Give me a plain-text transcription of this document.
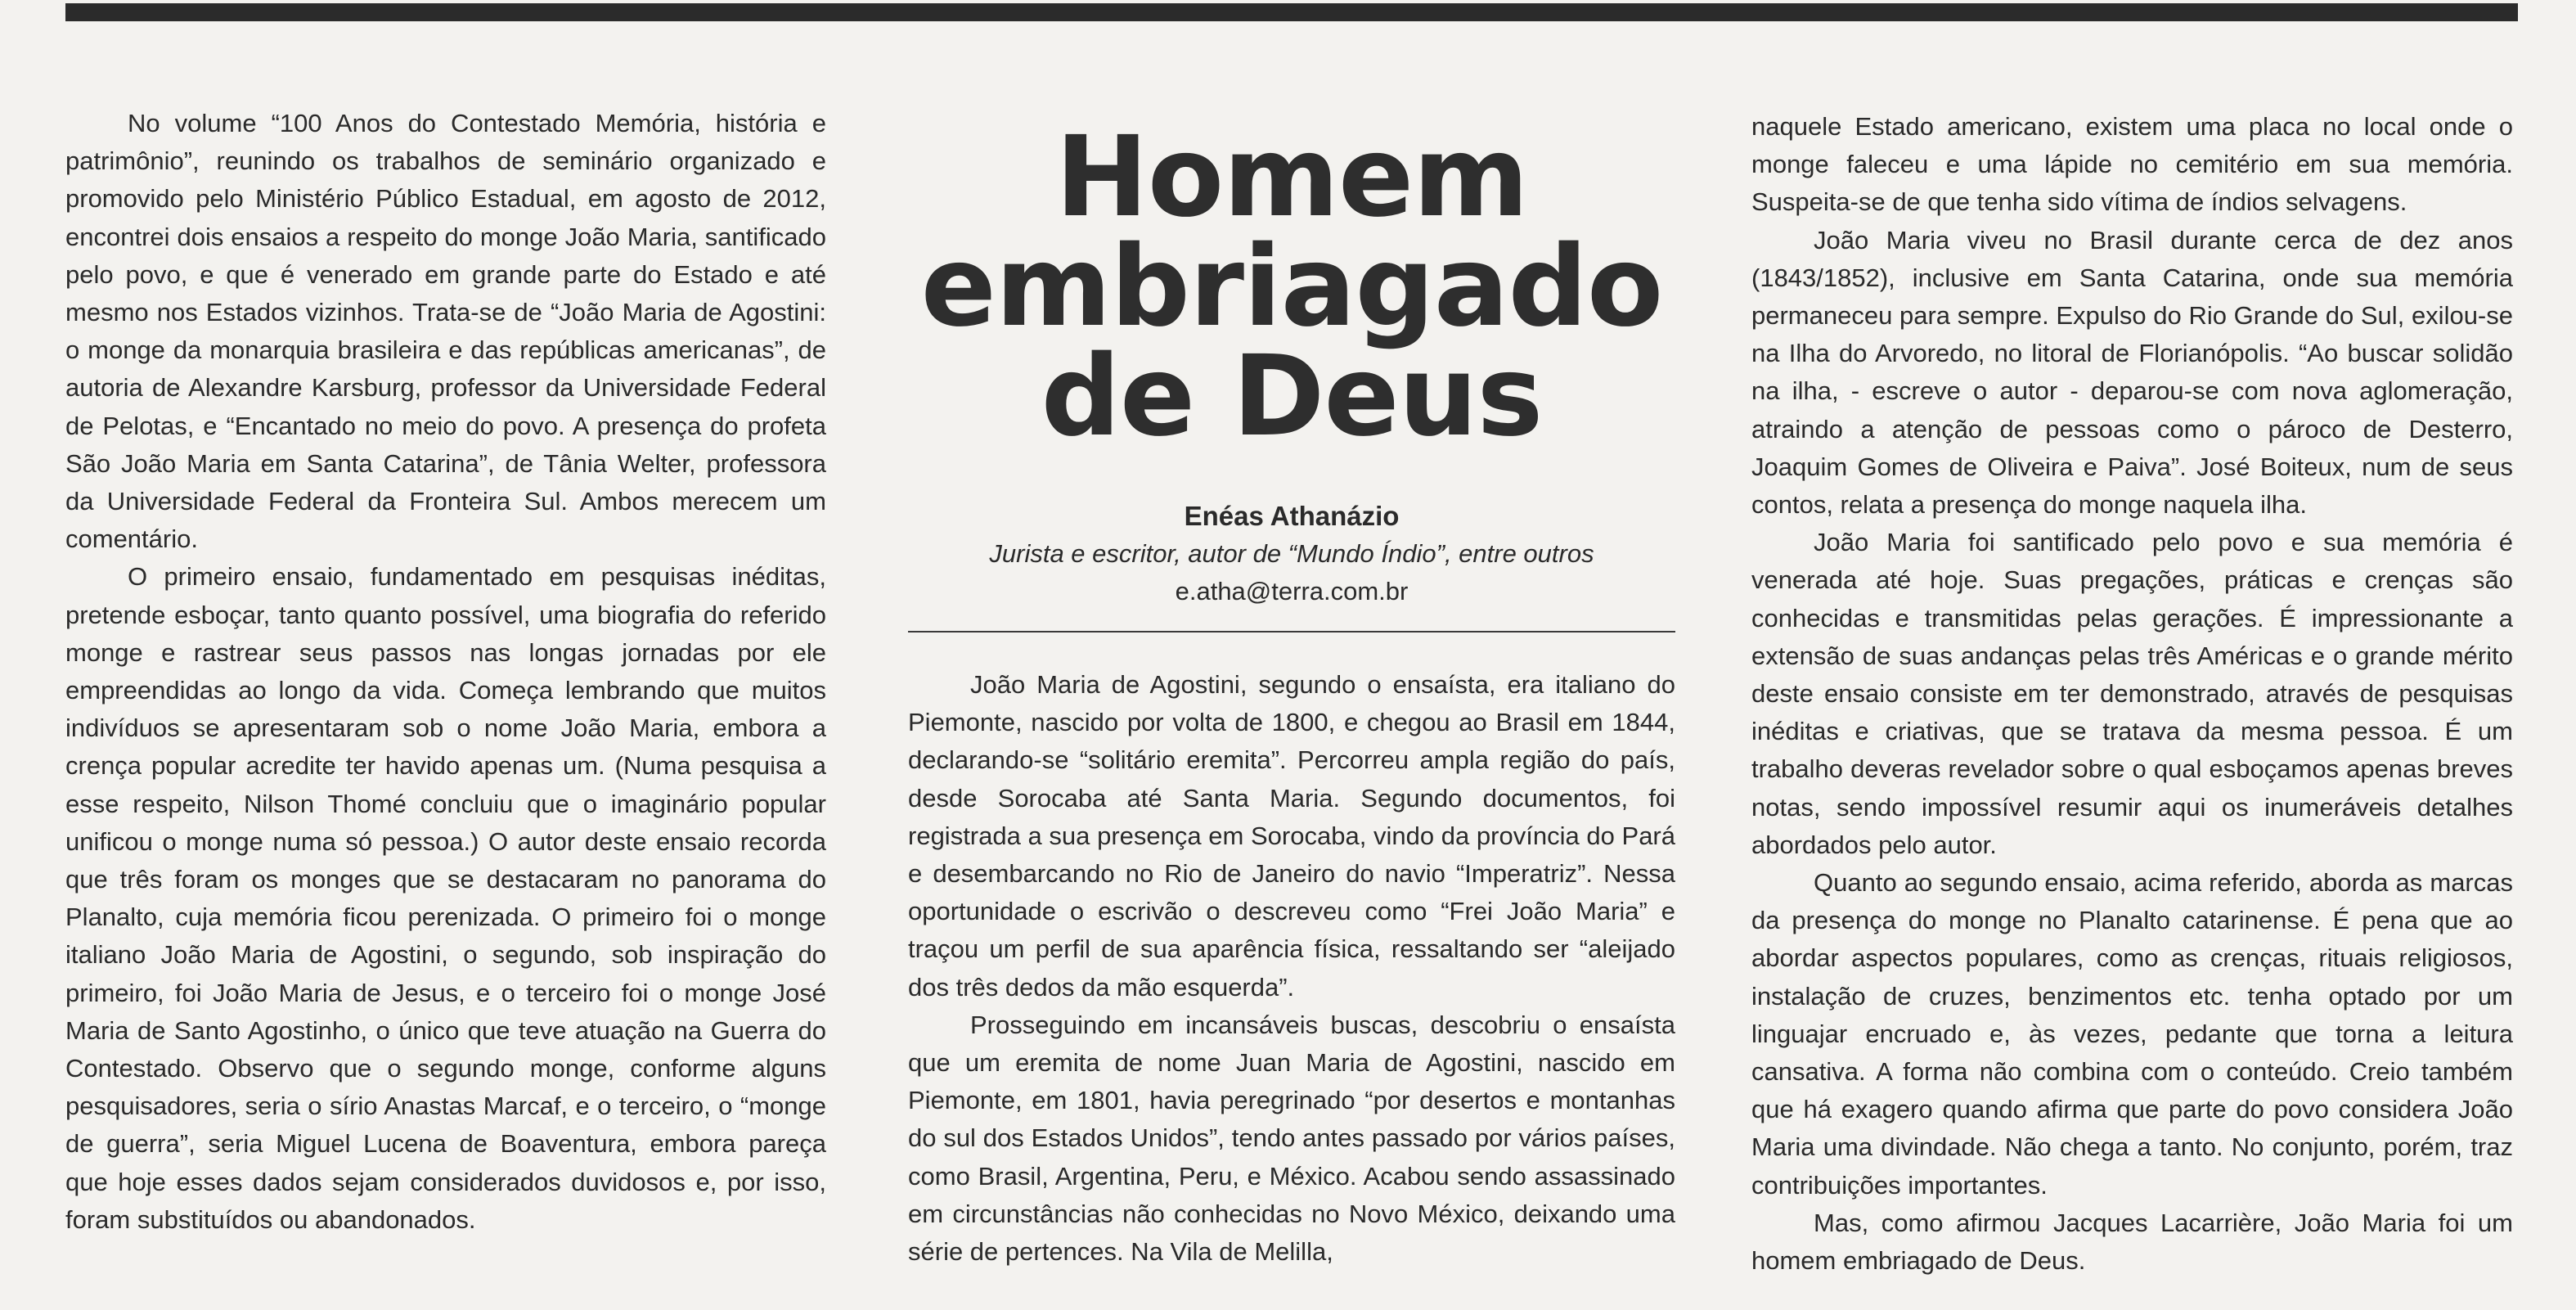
No volume “100 Anos do Contestado Memória, história e patrimônio”, reunindo os trabalhos de seminário organizado e promovido pelo Ministério Público Estadual, em agosto de 2012, encontrei dois ensaios a respeito do monge João Maria, santificado pelo povo, e que é venerado em grande parte do Estado e até mesmo nos Estados vizinhos. Trata-se de “João Maria de Agostini: o monge da monarquia brasileira e das repúblicas americanas”, de autoria de Alexandre Karsburg, professor da Universidade Federal de Pelotas, e “Encantado no meio do povo. A presença do profeta São João Maria em Santa Catarina”, de Tânia Welter, professora da Universidade Federal da Fronteira Sul. Ambos merecem um comentário.

O primeiro ensaio, fundamentado em pesquisas inéditas, pretende esboçar, tanto quanto possível, uma biografia do referido monge e rastrear seus passos nas longas jornadas por ele empreendidas ao longo da vida. Começa lembrando que muitos indivíduos se apresentaram sob o nome João Maria, embora a crença popular acredite ter havido apenas um. (Numa pesquisa a esse respeito, Nilson Thomé concluiu que o imaginário popular unificou o monge numa só pessoa.) O autor deste ensaio recorda que três foram os monges que se destacaram no panorama do Planalto, cuja memória ficou perenizada. O primeiro foi o monge italiano João Maria de Agostini, o segundo, sob inspiração do primeiro, foi João Maria de Jesus, e o terceiro foi o monge José Maria de Santo Agostinho, o único que teve atuação na Guerra do Contestado. Observo que o segundo monge, conforme alguns pesquisadores, seria o sírio Anastas Marcaf, e o terceiro, o “monge de guerra”, seria Miguel Lucena de Boaventura, embora pareça que hoje esses dados sejam considerados duvidosos e, por isso, foram substituídos ou abandonados.

Homem
embriagado
de Deus
Enéas Athanázio
Jurista e escritor, autor de “Mundo Índio”, entre outros
e.atha@terra.com.br

João Maria de Agostini, segundo o ensaísta, era italiano do Piemonte, nascido por volta de 1800, e chegou ao Brasil em 1844, declarando-se “solitário eremita”. Percorreu ampla região do país, desde Sorocaba até Santa Maria. Segundo documentos, foi registrada a sua presença em Sorocaba, vindo da província do Pará e desembarcando no Rio de Janeiro do navio “Imperatriz”. Nessa oportunidade o escrivão o descreveu como “Frei João Maria” e traçou um perfil de sua aparência física, ressaltando ser “aleijado dos três dedos da mão esquerda”.

Prosseguindo em incansáveis buscas, descobriu o ensaísta que um eremita de nome Juan Maria de Agostini, nascido em Piemonte, em 1801, havia peregrinado “por desertos e montanhas do sul dos Estados Unidos”, tendo antes passado por vários países, como Brasil, Argentina, Peru, e México. Acabou sendo assassinado em circunstâncias não conhecidas no Novo México, deixando uma série de pertences. Na Vila de Melilla,

naquele Estado americano, existem uma placa no local onde o monge faleceu e uma lápide no cemitério em sua memória. Suspeita-se de que tenha sido vítima de índios selvagens.

João Maria viveu no Brasil durante cerca de dez anos (1843/1852), inclusive em Santa Catarina, onde sua memória permaneceu para sempre. Expulso do Rio Grande do Sul, exilou-se na Ilha do Arvoredo, no litoral de Florianópolis. “Ao buscar solidão na ilha, - escreve o autor - deparou-se com nova aglomeração, atraindo a atenção de pessoas como o pároco de Desterro, Joaquim Gomes de Oliveira e Paiva”. José Boiteux, num de seus contos, relata a presença do monge naquela ilha.

João Maria foi santificado pelo povo e sua memória é venerada até hoje. Suas pregações, práticas e crenças são conhecidas e transmitidas pelas gerações. É impressionante a extensão de suas andanças pelas três Américas e o grande mérito deste ensaio consiste em ter demonstrado, através de pesquisas inéditas e criativas, que se tratava da mesma pessoa. É um trabalho deveras revelador sobre o qual esboçamos apenas breves notas, sendo impossível resumir aqui os inumeráveis detalhes abordados pelo autor.

Quanto ao segundo ensaio, acima referido, aborda as marcas da presença do monge no Planalto catarinense. É pena que ao abordar aspectos populares, como as crenças, rituais religiosos, instalação de cruzes, benzimentos etc. tenha optado por um linguajar encruado e, às vezes, pedante que torna a leitura cansativa. A forma não combina com o conteúdo. Creio também que há exagero quando afirma que parte do povo considera João Maria uma divindade. Não chega a tanto. No conjunto, porém, traz contribuições importantes.

Mas, como afirmou Jacques Lacarrière, João Maria foi um homem embriagado de Deus.
